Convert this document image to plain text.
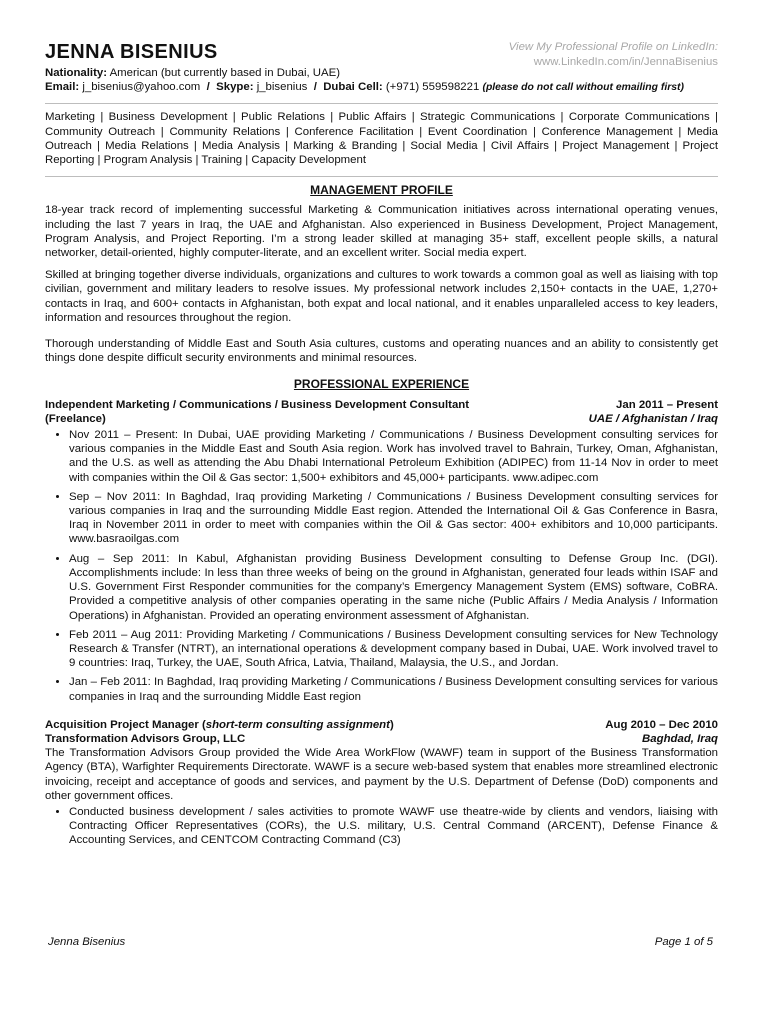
JENNA BISENIUS	View My Professional Profile on LinkedIn:
www.LinkedIn.com/in/JennaBisenius
Nationality: American (but currently based in Dubai, UAE)
Email: j_bisenius@yahoo.com  /  Skype: j_bisenius  /  Dubai Cell: (+971) 559598221 (please do not call without emailing first)
Marketing | Business Development | Public Relations | Public Affairs | Strategic Communications | Corporate Communications | Community Outreach | Community Relations | Conference Facilitation | Event Coordination | Conference Management | Media Outreach | Media Relations | Media Analysis | Marking & Branding | Social Media | Civil Affairs | Project Management | Project Reporting | Program Analysis | Training | Capacity Development
MANAGEMENT PROFILE

18-year track record of implementing successful Marketing & Communication initiatives across international operating venues, including the last 7 years in Iraq, the UAE and Afghanistan. Also experienced in Business Development, Project Management, Program Analysis, and Project Reporting. I’m a strong leader skilled at managing 35+ staff, excellent people skills, a natural networker, detail-oriented, highly computer-literate, and an excellent writer. Social media expert.

Skilled at bringing together diverse individuals, organizations and cultures to work towards a common goal as well as liaising with top civilian, government and military leaders to resolve issues. My professional network includes 2,150+ contacts in the UAE, 1,270+ contacts in Iraq, and 600+ contacts in Afghanistan, both expat and local national, and it enables unparalleled access to key leaders, information and resources throughout the region.

Thorough understanding of Middle East and South Asia cultures, customs and operating nuances and an ability to consistently get things done despite difficult security environments and minimal resources.

PROFESSIONAL EXPERIENCE
Independent Marketing / Communications / Business Development Consultant	Jan 2011 – Present
(Freelance)	UAE / Afghanistan / Iraq
• Nov 2011 – Present: In Dubai, UAE providing Marketing / Communications / Business Development consulting services for various companies in the Middle East and South Asia region. Work has involved travel to Bahrain, Turkey, Oman, Afghanistan, and the U.S. as well as attending the Abu Dhabi International Petroleum Exhibition (ADIPEC) from 11-14 Nov in order to meet with companies within the Oil & Gas sector: 1,500+ exhibitors and 45,000+ participants. www.adipec.com
• Sep – Nov 2011: In Baghdad, Iraq providing Marketing / Communications / Business Development consulting services for various companies in Iraq and the surrounding Middle East region. Attended the International Oil & Gas Conference in Basra, Iraq in November 2011 in order to meet with companies within the Oil & Gas sector: 400+ exhibitors and 10,000 participants. www.basraoilgas.com
• Aug – Sep 2011: In Kabul, Afghanistan providing Business Development consulting to Defense Group Inc. (DGI). Accomplishments include: In less than three weeks of being on the ground in Afghanistan, generated four leads within ISAF and U.S. Government First Responder communities for the company’s Emergency Management System (EMS) software, CoBRA. Provided a competitive analysis of other companies operating in the same niche (Public Affairs / Media Analysis / Information Operations) in Afghanistan. Provided an operating environment assessment of Afghanistan.
• Feb 2011 – Aug 2011: Providing Marketing / Communications / Business Development consulting services for New Technology Research & Transfer (NTRT), an international operations & development company based in Dubai, UAE. Work involved travel to 9 countries: Iraq, Turkey, the UAE, South Africa, Latvia, Thailand, Malaysia, the U.S., and Jordan.
• Jan – Feb 2011: In Baghdad, Iraq providing Marketing / Communications / Business Development consulting services for various companies in Iraq and the surrounding Middle East region
Acquisition Project Manager (short-term consulting assignment)	Aug 2010 – Dec 2010
Transformation Advisors Group, LLC	Baghdad, Iraq
The Transformation Advisors Group provided the Wide Area WorkFlow (WAWF) team in support of the Business Transformation Agency (BTA), Warfighter Requirements Directorate. WAWF is a secure web-based system that enables more streamlined electronic invoicing, receipt and acceptance of goods and services, and payment by the U.S. Department of Defense (DoD) components and other government offices.
• Conducted business development / sales activities to promote WAWF use theatre-wide by clients and vendors, liaising with Contracting Officer Representatives (CORs), the U.S. military, U.S. Central Command (ARCENT), Defense Finance & Accounting Services, and CENTCOM Contracting Command (C3)
Jenna Bisenius	Page 1 of 5
